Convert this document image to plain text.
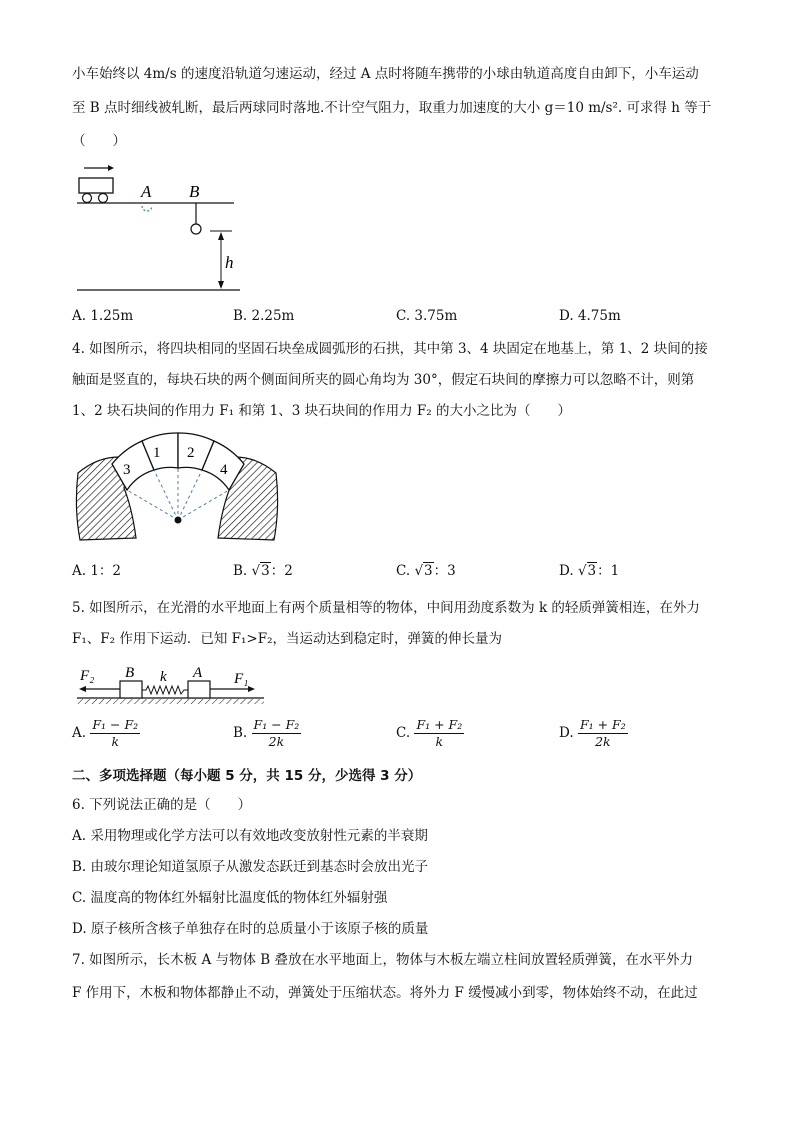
小车始终以 4m/s 的速度沿轨道匀速运动，经过 A 点时将随车携带的小球由轨道高度自由卸下，小车运动
至 B 点时细线被轧断，最后两球同时落地.不计空气阻力，取重力加速度的大小 g＝10 m/s². 可求得 h 等于
（　　）
A B
h
A. 1.25m	B. 2.25m	C. 3.75m	D. 4.75m
4. 如图所示，将四块相同的坚固石块垒成圆弧形的石拱，其中第 3、4 块固定在地基上，第 1、2 块间的接
触面是竖直的，每块石块的两个侧面间所夹的圆心角均为 30°，假定石块间的摩擦力可以忽略不计，则第
1、2 块石块间的作用力 F₁ 和第 1、3 块石块间的作用力 F₂ 的大小之比为（　　）
3
1 2
4
A. 1：2	B. √3：2	C. √3：3	D. √3：1
5. 如图所示，在光滑的水平地面上有两个质量相等的物体，中间用劲度系数为 k 的轻质弹簧相连，在外力
F₁、F₂ 作用下运动．已知 F₁>F₂，当运动达到稳定时，弹簧的伸长量为
F₂ B k A F₁
A. $\frac{\text{F₁ − F₂}}{k}$	B. $\frac{\text{F₁ − F₂}}{2k}$	C. $\frac{\text{F₁ + F₂}}{k}$	D. $\frac{\text{F₁ + F₂}}{2k}$
二、多项选择题（每小题 5 分，共 15 分，少选得 3 分）
6. 下列说法正确的是（　　）
A. 采用物理或化学方法可以有效地改变放射性元素的半衰期
B. 由玻尔理论知道氢原子从激发态跃迁到基态时会放出光子
C. 温度高的物体红外辐射比温度低的物体红外辐射强
D. 原子核所含核子单独存在时的总质量小于该原子核的质量
7. 如图所示，长木板 A 与物体 B 叠放在水平地面上，物体与木板左端立柱间放置轻质弹簧，在水平外力
F 作用下，木板和物体都静止不动，弹簧处于压缩状态。将外力 F 缓慢减小到零，物体始终不动，在此过
